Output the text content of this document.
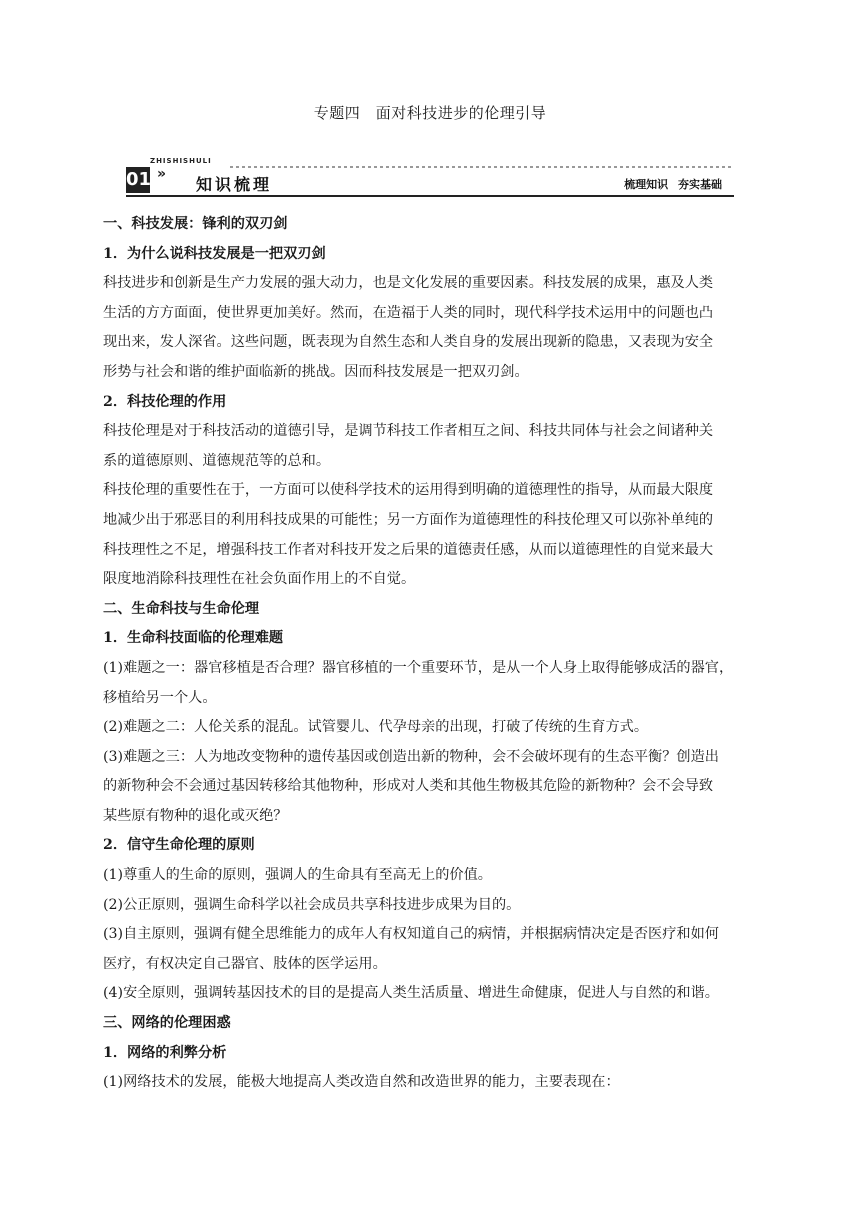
专题四　面对科技进步的伦理引导
ZHISHISHULI
01 »
知识梳理	梳理知识 夯实基础
一、科技发展：锋利的双刃剑
1．为什么说科技发展是一把双刃剑
科技进步和创新是生产力发展的强大动力，也是文化发展的重要因素。科技发展的成果，惠及人类
生活的方方面面，使世界更加美好。然而，在造福于人类的同时，现代科学技术运用中的问题也凸
现出来，发人深省。这些问题，既表现为自然生态和人类自身的发展出现新的隐患，又表现为安全
形势与社会和谐的维护面临新的挑战。因而科技发展是一把双刃剑。
2．科技伦理的作用
科技伦理是对于科技活动的道德引导，是调节科技工作者相互之间、科技共同体与社会之间诸种关
系的道德原则、道德规范等的总和。
科技伦理的重要性在于，一方面可以使科学技术的运用得到明确的道德理性的指导，从而最大限度
地减少出于邪恶目的利用科技成果的可能性；另一方面作为道德理性的科技伦理又可以弥补单纯的
科技理性之不足，增强科技工作者对科技开发之后果的道德责任感，从而以道德理性的自觉来最大
限度地消除科技理性在社会负面作用上的不自觉。
二、生命科技与生命伦理
1．生命科技面临的伦理难题
(1)难题之一：器官移植是否合理？器官移植的一个重要环节，是从一个人身上取得能够成活的器官，
移植给另一个人。
(2)难题之二：人伦关系的混乱。试管婴儿、代孕母亲的出现，打破了传统的生育方式。
(3)难题之三：人为地改变物种的遗传基因或创造出新的物种，会不会破坏现有的生态平衡？创造出
的新物种会不会通过基因转移给其他物种，形成对人类和其他生物极其危险的新物种？会不会导致
某些原有物种的退化或灭绝？
2．信守生命伦理的原则
(1)尊重人的生命的原则，强调人的生命具有至高无上的价值。
(2)公正原则，强调生命科学以社会成员共享科技进步成果为目的。
(3)自主原则，强调有健全思维能力的成年人有权知道自己的病情，并根据病情决定是否医疗和如何
医疗，有权决定自己器官、肢体的医学运用。
(4)安全原则，强调转基因技术的目的是提高人类生活质量、增进生命健康，促进人与自然的和谐。
三、网络的伦理困惑
1．网络的利弊分析
(1)网络技术的发展，能极大地提高人类改造自然和改造世界的能力，主要表现在：
